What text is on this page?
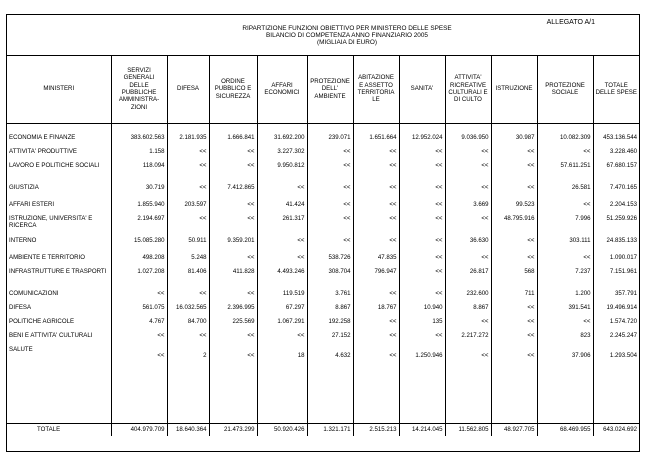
ALLEGATO A/1
RIPARTIZIONE FUNZIONI OBIETTIVO PER MINISTERO DELLE SPESE
BILANCIO DI COMPETENZA ANNO FINANZIARIO 2005
(MIGLIAIA DI EURO)
MINISTERI	SERVIZI GENERALI DELLE PUBBLICHE AMMINISTRA-ZIONI	DIFESA	ORDINE PUBBLICO E SICUREZZA	AFFARI ECONOMICI	PROTEZIONE DELL' AMBIENTE	ABITAZIONE E ASSETTO TERRITORIA LE	SANITA'	ATTIVITA' RICREATIVE CULTURALI E DI CULTO	ISTRUZIONE	PROTEZIONE SOCIALE	TOTALE DELLE SPESE

ECONOMIA E FINANZE	383.602.563	2.181.935	1.666.841	31.692.200	239.071	1.651.664	12.952.024	9.036.950	30.987	10.082.309	453.136.544
ATTIVITA' PRODUTTIVE	1.158	<<	<<	3.227.302	<<	<<	<<	<<	<<	<<	3.228.460
LAVORO E POLITICHE SOCIALI	118.094	<<	<<	9.950.812	<<	<<	<<	<<	<<	57.611.251	67.680.157
GIUSTIZIA	30.719	<<	7.412.865	<<	<<	<<	<<	<<	<<	26.581	7.470.165
AFFARI ESTERI	1.855.940	203.597	<<	41.424	<<	<<	<<	3.669	99.523	<<	2.204.153
ISTRUZIONE, UNIVERSITA' E RICERCA	2.194.697	<<	<<	261.317	<<	<<	<<	<<	48.795.916	7.996	51.259.926
INTERNO	15.085.280	50.911	9.359.201	<<	<<	<<	<<	36.630	<<	303.111	24.835.133
AMBIENTE E TERRITORIO	498.208	5.248	<<	<<	538.726	47.835	<<	<<	<<	<<	1.090.017
INFRASTRUTTURE E TRASPORTI	1.027.208	81.406	411.828	4.493.246	308.704	796.947	<<	26.817	568	7.237	7.151.961
COMUNICAZIONI	<<	<<	<<	119.519	3.761	<<	<<	232.600	711	1.200	357.791
DIFESA	561.075	16.032.565	2.396.995	67.297	8.867	18.767	10.940	8.867	<<	391.541	19.496.914
POLITICHE AGRICOLE	4.767	84.700	225.569	1.067.291	192.258	<<	135	<<	<<	<<	1.574.720
BENI E ATTIVITA' CULTURALI	<<	<<	<<	<<	27.152	<<	<<	2.217.272	<<	823	2.245.247
SALUTE	<<	2	<<	18	4.632	<<	1.250.946	<<	<<	37.906	1.293.504

TOTALE	404.979.709	18.640.364	21.473.299	50.920.426	1.321.171	2.515.213	14.214.045	11.562.805	48.927.705	68.469.955	643.024.692
